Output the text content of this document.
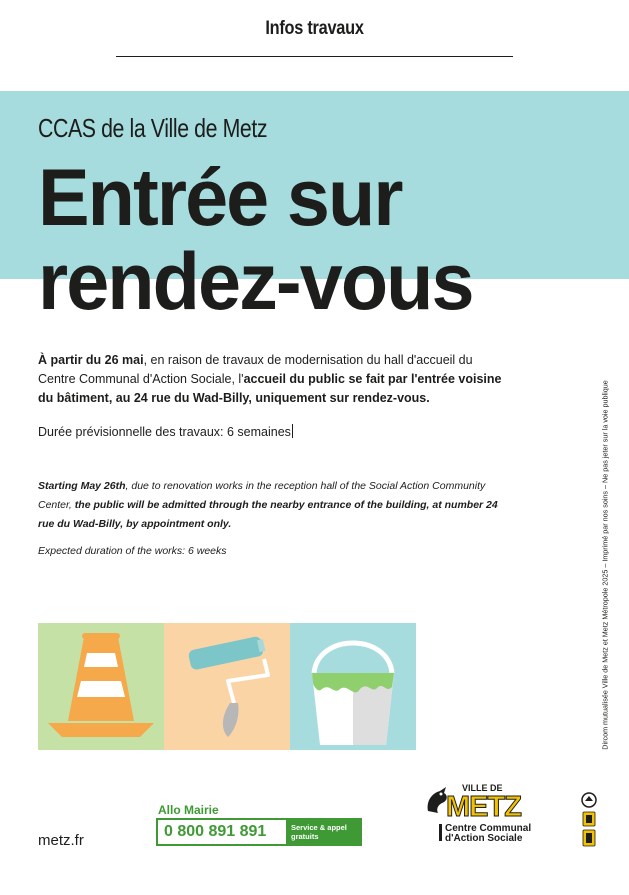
Infos travaux
CCAS de la Ville de Metz
Entrée sur
rendez-vous

À partir du 26 mai, en raison de travaux de modernisation du hall d'accueil du Centre Communal d'Action Sociale, l'accueil du public se fait par l'entrée voisine du bâtiment, au 24 rue du Wad-Billy, uniquement sur rendez-vous.

Durée prévisionnelle des travaux: 6 semaines

Starting May 26th, due to renovation works in the reception hall of the Social Action Community Center, the public will be admitted through the nearby entrance of the building, at number 24 rue du Wad-Billy, by appointment only.

Expected duration of the works: 6 weeks	Dircom mutualisée Ville de Metz et Metz Métropole 2025 – Imprimé par nos soins – Ne pas jeter sur la voie publique
Allo Mairie
0 800 891 891	Service & appel
gratuits
metz.fr
VILLE DE
METZ
Centre Communal
d'Action Sociale
